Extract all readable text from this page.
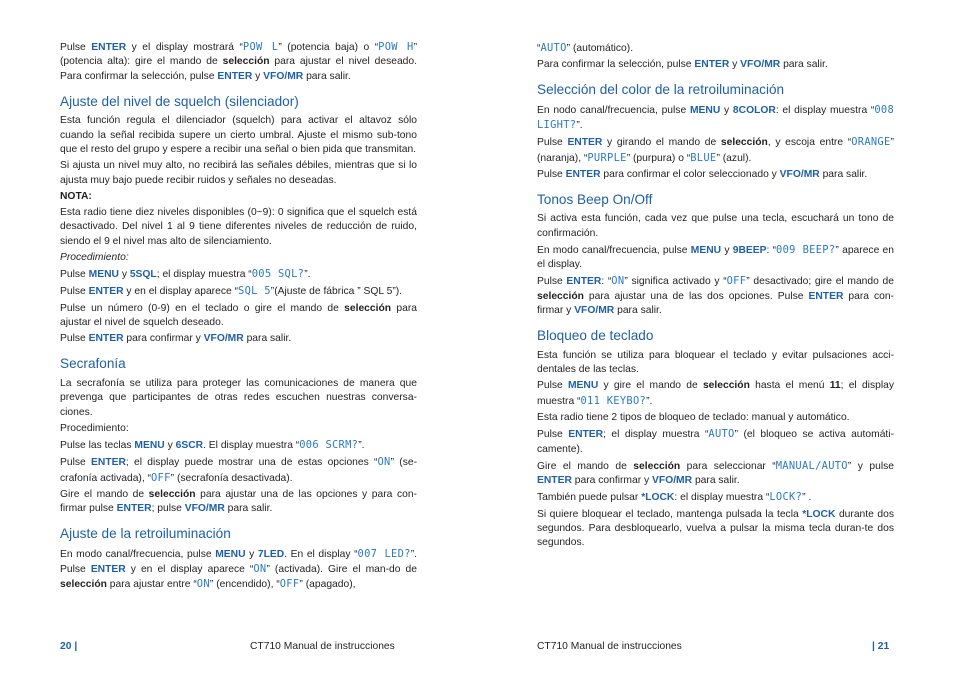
Pulse ENTER y el display mostrará “POW L” (potencia baja) o “POW H” (potencia alta): gire el mando de selección para ajustar el nivel deseado. Para confirmar la selección, pulse ENTER y VFO/MR para salir.

Ajuste del nivel de squelch (silenciador)

Esta función regula el dilenciador (squelch) para activar el altavoz sólo cuando la señal recibida supere un cierto umbral. Ajuste el mismo sub-tono que el resto del grupo y espere a recibir una señal o bien pida que transmitan.

Si ajusta un nivel muy alto, no recibirá las señales débiles, mientras que si lo ajusta muy bajo puede recibir ruidos y señales no deseadas.

NOTA:

Esta radio tiene diez niveles disponibles (0~9): 0 significa que el squelch está desactivado. Del nivel 1 al 9 tiene diferentes niveles de reducción de ruido, siendo el 9 el nivel mas alto de silenciamiento.

Procedimiento:

Pulse MENU y 5SQL; el display muestra “005 SQL?”.

Pulse ENTER y en el display aparece “SQL 5”(Ajuste de fábrica ” SQL 5”).

Pulse un número (0-9) en el teclado o gire el mando de selección para ajustar el nivel de squelch deseado.

Pulse ENTER para confirmar y VFO/MR para salir.

Secrafonía

La secrafonía se utiliza para proteger las comunicaciones de manera que prevenga que participantes de otras redes escuchen nuestras conversa-ciones.

Procedimiento:

Pulse las teclas MENU y 6SCR. El display muestra “006 SCRM?”.

Pulse ENTER; el display puede mostrar una de estas opciones “ON” (se-crafonía activada), “OFF” (secrafonía desactivada).

Gire el mando de selección para ajustar una de las opciones y para con-firmar pulse ENTER; pulse VFO/MR para salir.

Ajuste de la retroiluminación

En modo canal/frecuencia, pulse MENU y 7LED. En el display “007 LED?”. Pulse ENTER y en el display aparece “ON” (activada). Gire el man-do de selección para ajustar entre “ON” (encendido), “OFF” (apagado),

“AUTO” (automático).

Para confirmar la selección, pulse ENTER y VFO/MR para salir.

Selección del color de la retroiluminación

En nodo canal/frecuencia, pulse MENU y 8COLOR: el display muestra “008 LIGHT?”.

Pulse ENTER y girando el mando de selección, y escoja entre “ORANGE” (naranja), “PURPLE” (purpura) o “BLUE” (azul).

Pulse ENTER para confirmar el color seleccionado y VFO/MR para salir.

Tonos Beep On/Off

Si activa esta función, cada vez que pulse una tecla, escuchará un tono de confirmación.

En modo canal/frecuencia, pulse MENU y 9BEEP: “009 BEEP?” aparece en el display.

Pulse ENTER: “ON” significa activado y “OFF” desactivado; gire el mando de selección para ajustar una de las dos opciones. Pulse ENTER para con-firmar y VFO/MR para salir.

Bloqueo de teclado

Esta función se utiliza para bloquear el teclado y evitar pulsaciones acci-dentales de las teclas.

Pulse MENU y gire el mando de selección hasta el menú 11; el display muestra “011 KEYBO?”.

Esta radio tiene 2 tipos de bloqueo de teclado: manual y automático.

Pulse ENTER; el display muestra “AUTO” (el bloqueo se activa automáti-camente).

Gire el mando de selección para seleccionar “MANUAL/AUTO” y pulse ENTER para confirmar y VFO/MR para salir.

También puede pulsar *LOCK: el display muestra “LOCK?” .

Si quiere bloquear el teclado, mantenga pulsada la tecla *LOCK durante dos segundos. Para desbloquearlo, vuelva a pulsar la misma tecla duran-te dos segundos.

20 |	CT710 Manual de instrucciones	CT710 Manual de instrucciones	| 21
